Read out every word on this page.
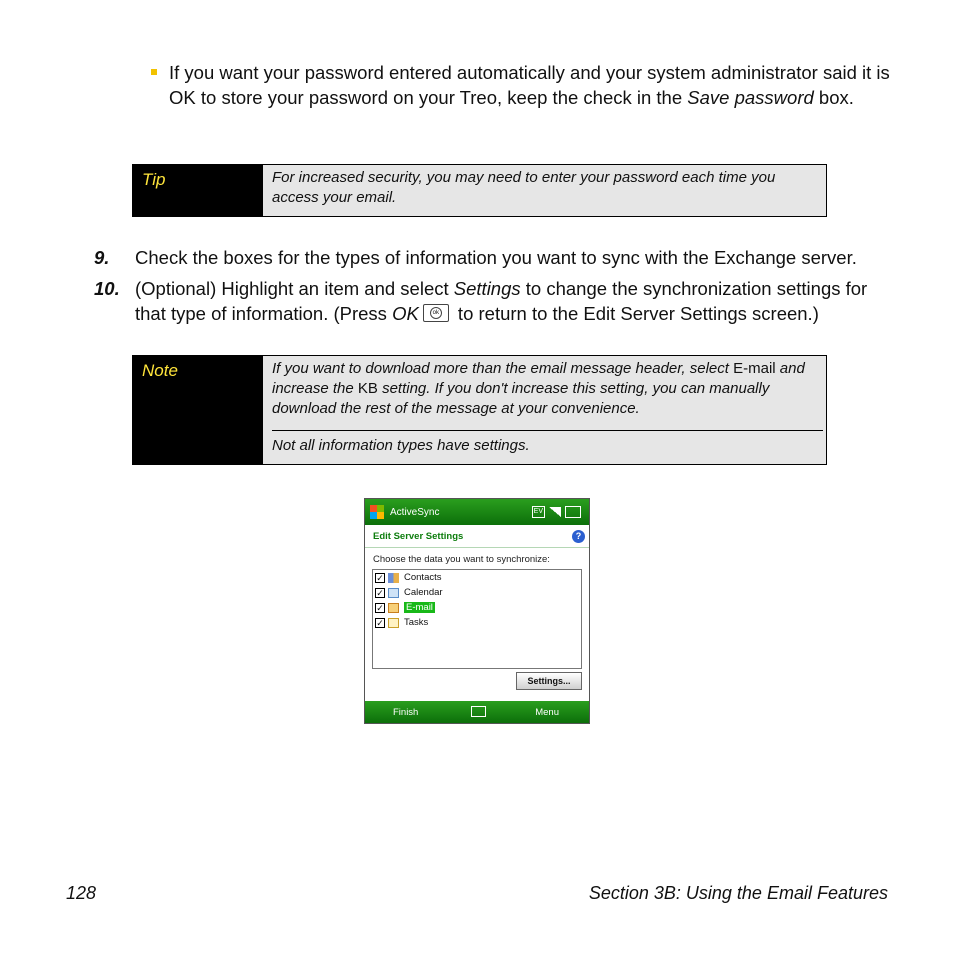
If you want your password entered automatically and your system administrator said it is OK to store your password on your Treo, keep the check in the Save password box.
Tip	For increased security, you may need to enter your password each time you access your email.
9. Check the boxes for the types of information you want to sync with the Exchange server.
10. (Optional) Highlight an item and select Settings to change the synchronization settings for that type of information. (Press OK	ok to return to the Edit Server Settings screen.)
Note	If you want to download more than the email message header, select E-mail and increase the KB setting. If you don't increase this setting, you can manually download the rest of the message at your convenience.
Not all information types have settings.
ActiveSync	EV
Edit Server Settings	?
Choose the data you want to synchronize:
✓ Contacts
✓ Calendar
✓ E-mail
✓ Tasks
Settings...
Finish	Menu
128	Section 3B: Using the Email Features
